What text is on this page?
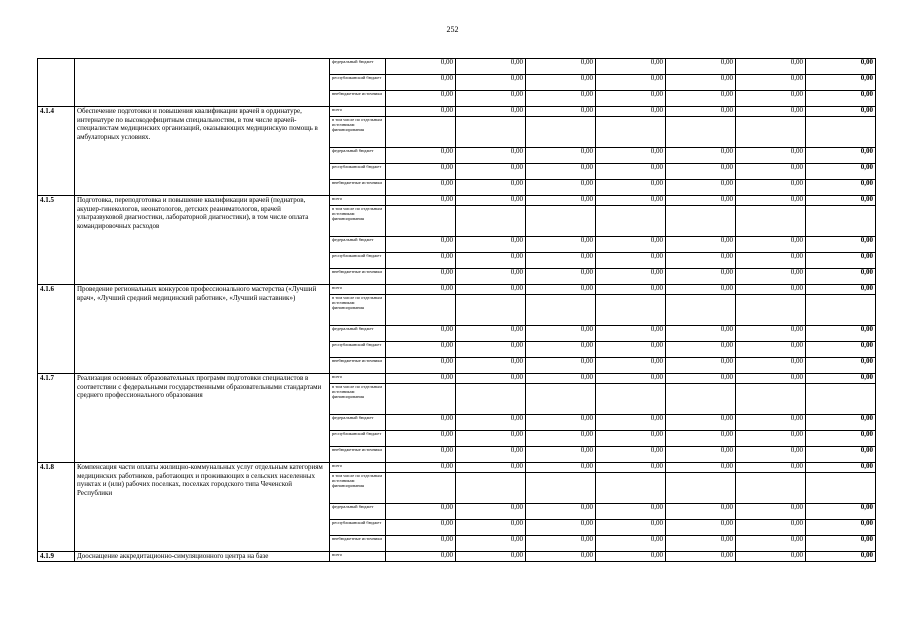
252
		федеральный бюджет	0,00	0,00	0,00	0,00	0,00	0,00	0,00
		республиканский бюджет	0,00	0,00	0,00	0,00	0,00	0,00	0,00
		внебюджетные источники	0,00	0,00	0,00	0,00	0,00	0,00	0,00
4.1.4	Обеспечение подготовки и повышения квалификации врачей в ординатуре, интернатуре по высокодефицитным специальностям, в том числе врачей-специалистам медицинских организаций, оказывающих медицинскую помощь в амбулаторных условиях.	всего	0,00	0,00	0,00	0,00	0,00	0,00	0,00
		в том числе по отдельным источникам финансирования							
		федеральный бюджет	0,00	0,00	0,00	0,00	0,00	0,00	0,00
		республиканский бюджет	0,00	0,00	0,00	0,00	0,00	0,00	0,00
		внебюджетные источники	0,00	0,00	0,00	0,00	0,00	0,00	0,00
4.1.5	Подготовка, переподготовка и повышение квалификации врачей (педиатров, акушер-гинекологов, неонатологов, детских реаниматологов, врачей ультразвуковой диагностики, лабораторной диагностики), в том числе оплата командировочных расходов	всего	0,00	0,00	0,00	0,00	0,00	0,00	0,00
		в том числе по отдельным источникам финансирования							
		федеральный бюджет	0,00	0,00	0,00	0,00	0,00	0,00	0,00
		республиканский бюджет	0,00	0,00	0,00	0,00	0,00	0,00	0,00
		внебюджетные источники	0,00	0,00	0,00	0,00	0,00	0,00	0,00
4.1.6	Проведение региональных конкурсов профессионального мастерства («Лучший врач», «Лучший средний медицинский работник», «Лучший наставник»)	всего	0,00	0,00	0,00	0,00	0,00	0,00	0,00
		в том числе по отдельным источникам финансирования							
		федеральный бюджет	0,00	0,00	0,00	0,00	0,00	0,00	0,00
		республиканский бюджет	0,00	0,00	0,00	0,00	0,00	0,00	0,00
		внебюджетные источники	0,00	0,00	0,00	0,00	0,00	0,00	0,00
4.1.7	Реализация основных образовательных программ подготовки специалистов в соответствии с федеральными государственными образовательными стандартами среднего профессионального образования	всего	0,00	0,00	0,00	0,00	0,00	0,00	0,00
		в том числе по отдельным источникам финансирования							
		федеральный бюджет	0,00	0,00	0,00	0,00	0,00	0,00	0,00
		республиканский бюджет	0,00	0,00	0,00	0,00	0,00	0,00	0,00
		внебюджетные источники	0,00	0,00	0,00	0,00	0,00	0,00	0,00
4.1.8	Компенсация части оплаты жилищно-коммунальных услуг отдельным категориям медицинских работников, работающих и проживающих в сельских населенных пунктах и (или) рабочих поселках, поселках городского типа Чеченской Республики	всего	0,00	0,00	0,00	0,00	0,00	0,00	0,00
		в том числе по отдельным источникам финансирования							
		федеральный бюджет	0,00	0,00	0,00	0,00	0,00	0,00	0,00
		республиканский бюджет	0,00	0,00	0,00	0,00	0,00	0,00	0,00
		внебюджетные источники	0,00	0,00	0,00	0,00	0,00	0,00	0,00
4.1.9	Дооснащение аккредитационно-симуляционного центра на базе	всего	0,00	0,00	0,00	0,00	0,00	0,00	0,00
